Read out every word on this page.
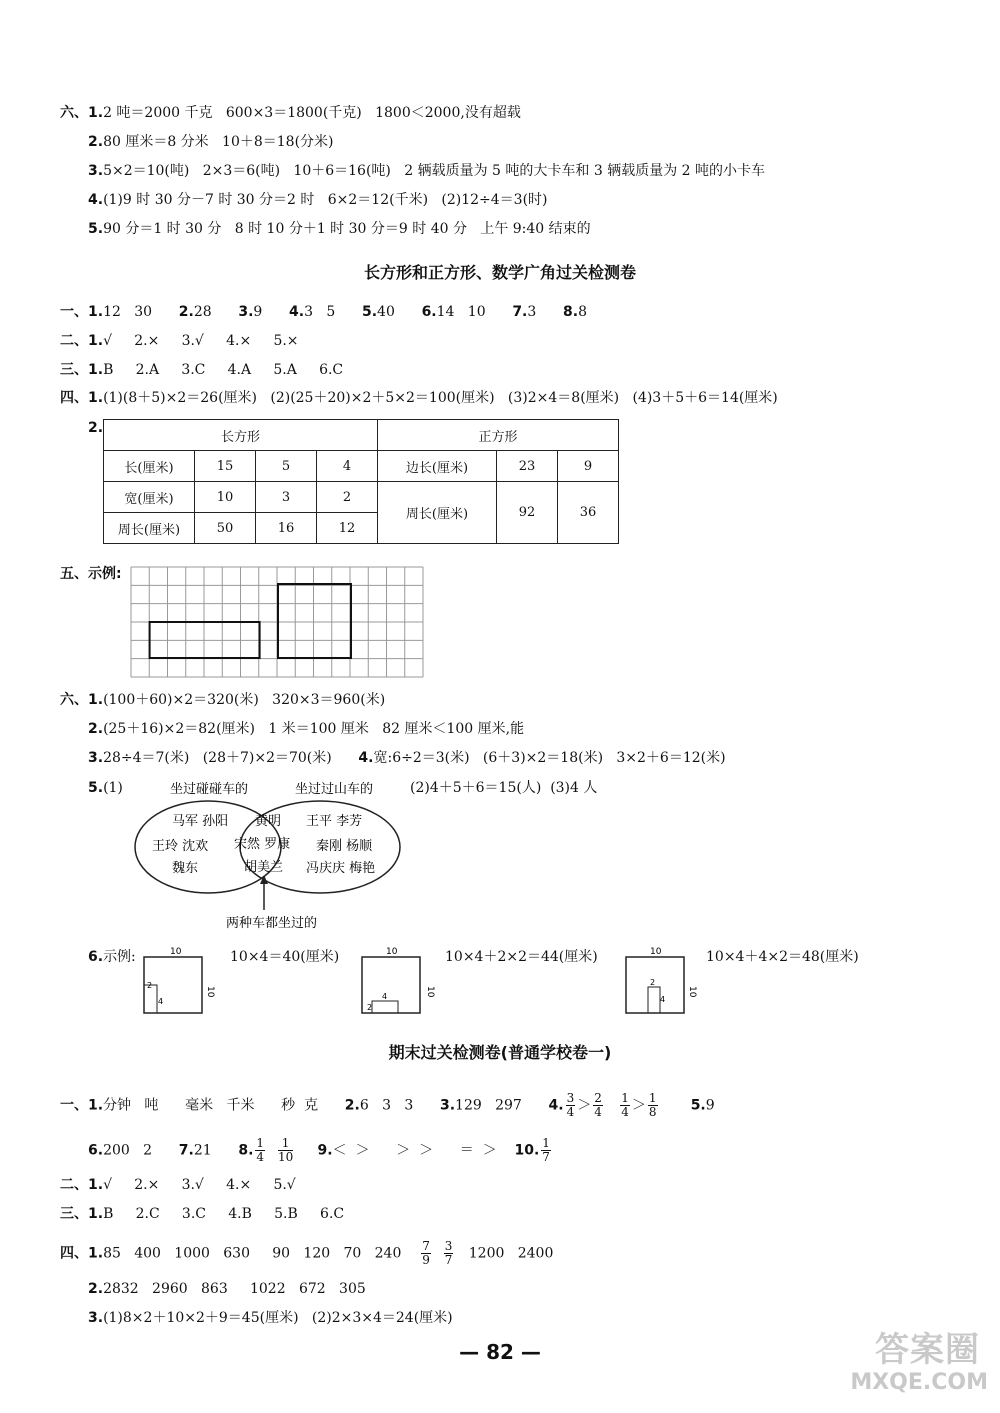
六、1.2 吨＝2000 千克   600×3＝1800(千克)   1800＜2000,没有超载
2.80 厘米＝8 分米   10＋8＝18(分米)
3.5×2＝10(吨)   2×3＝6(吨)   10＋6＝16(吨)   2 辆载质量为 5 吨的大卡车和 3 辆载质量为 2 吨的小卡车
4.(1)9 时 30 分－7 时 30 分＝2 时   6×2＝12(千米)   (2)12÷4＝3(时)
5.90 分＝1 时 30 分   8 时 10 分＋1 时 30 分＝9 时 40 分   上午 9:40 结束的
长方形和正方形、数学广角过关检测卷
一、1.12   30 2.28 3.9 4.3   5 5.40 6.14   10 7.3 8.8
二、1.√     2.×     3.√     4.×     5.×
三、1.B     2.A     3.C     4.A     5.A     6.C
四、1.(1)(8＋5)×2＝26(厘米)   (2)(25＋20)×2＋5×2＝100(厘米)   (3)2×4＝8(厘米)   (4)3＋5＋6＝14(厘米)
2.
长方形				正方形		
长(厘米)	15	5	4	边长(厘米)	23	9
宽(厘米)	10	3	2	周长(厘米)	92	36
周长(厘米)	50	16	12			
五、示例:
六、1.(100＋60)×2＝320(米)   320×3＝960(米)
2.(25＋16)×2＝82(厘米)   1 米＝100 厘米   82 厘米＜100 厘米,能
3.28÷4＝7(米)   (28＋7)×2＝70(米) 4.宽:6÷2＝3(米)   (6＋3)×2＝18(米)   3×2＋6＝12(米)
5.(1)	(2)4＋5＋6＝15(人)  (3)4 人
坐过碰碰车的	坐过过山车的
马军 孙阳
王玲 沈欢
魏东
黄明
宋然 罗康
胡美兰
王平 李芳
秦刚 杨顺
冯庆庆 梅艳
两种车都坐过的
6.示例:	10
10
2
4
10×4＝40(厘米)	10
10
4
2
10×4＋2×2＝44(厘米)	10
10
2
4
10×4＋4×2＝48(厘米)
期末过关检测卷(普通学校卷一)
一、1.分钟   吨      毫米   千米      秒  克 2.6   3   3 3.129   297 4. $\frac{3}{4} > \frac{2}{4}$
$\frac{1}{4} > \frac{1}{8} 5.9$
6.200   2 7.21 8. $\frac{1}{4}$
$\frac{1}{10} 9.<$  ＞      ＞  ＞      ＝  ＞ 10. $\frac{1}{7}$
二、1.√     2.×     3.√     4.×     5.√
三、1.B     2.C     3.C     4.B     5.B     6.C
四、1.85   400   1000   630     90   120   70   $240 \frac{7}{9}$
$\frac{3}{7} 1200$   2400
2.2832   2960   863     1022   672   305
3.(1)8×2＋10×2＋9＝45(厘米)   (2)2×3×4＝24(厘米)
— 82 —	答案圈
MXQE.COM
